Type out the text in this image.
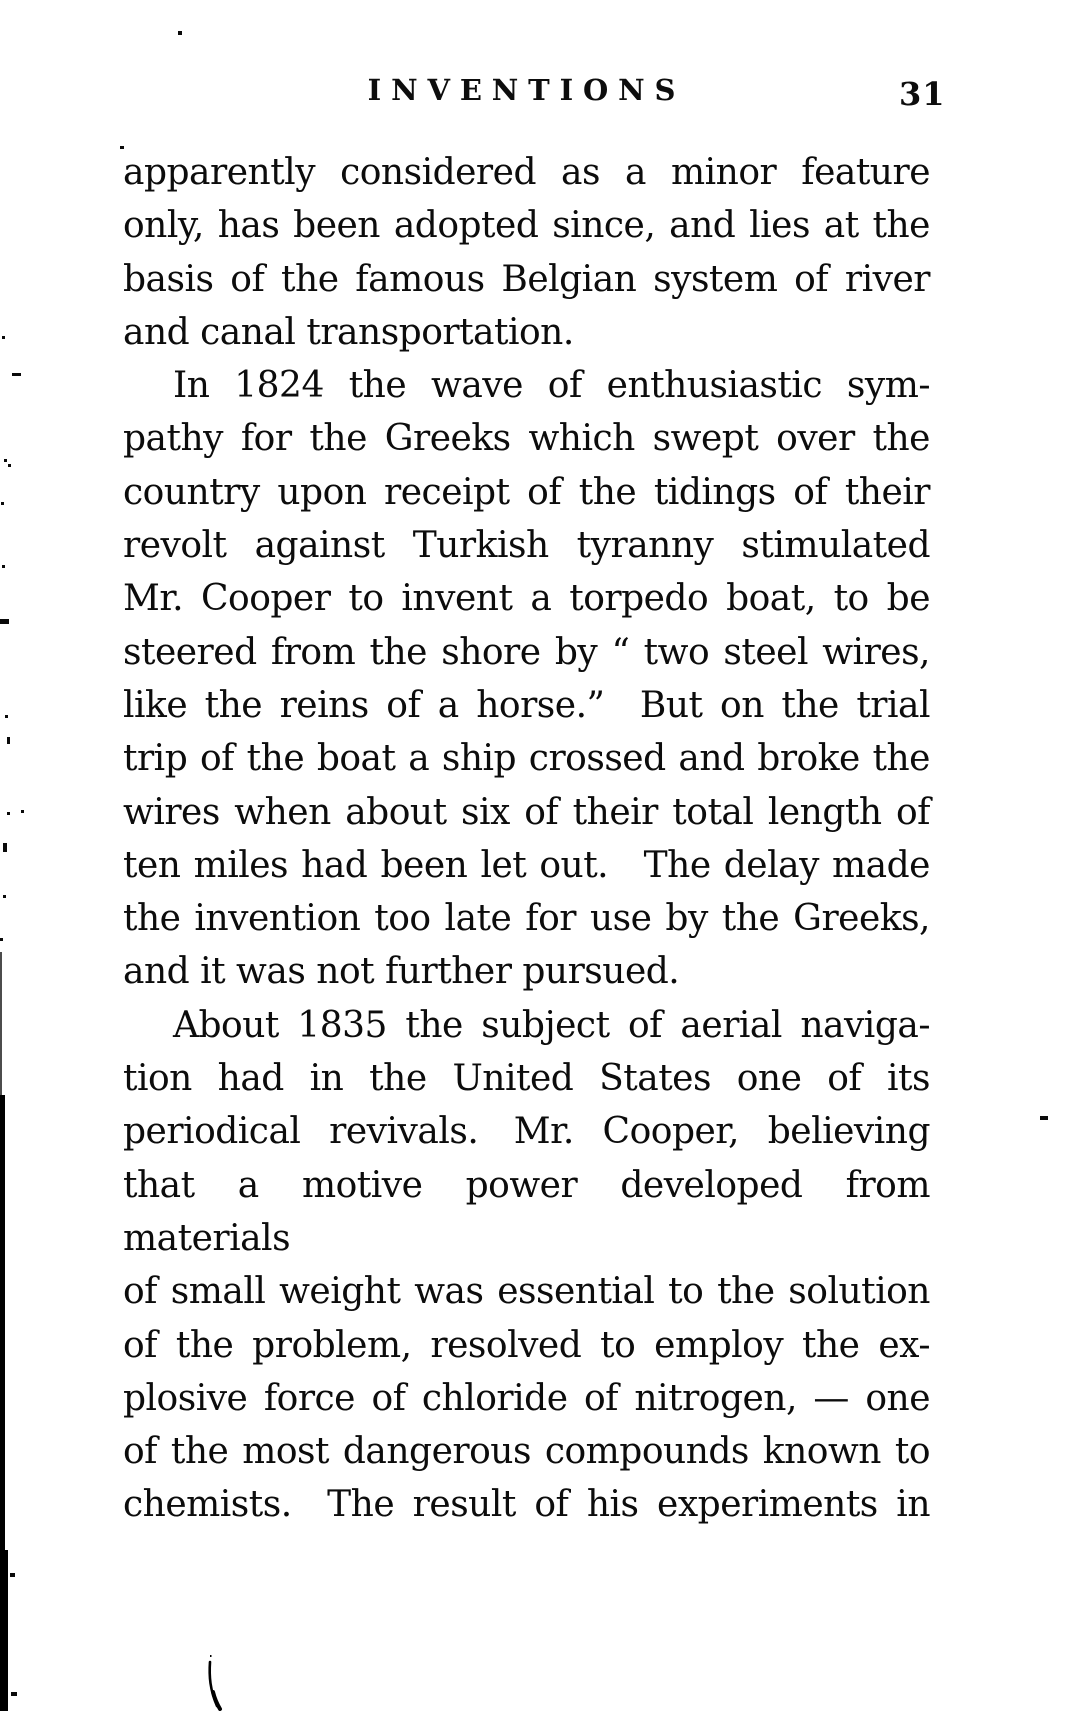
INVENTIONS	31
apparently considered as a minor feature
only, has been adopted since, and lies at the
basis of the famous Belgian system of river
and canal transportation.
In 1824 the wave of enthusiastic sym-
pathy for the Greeks which swept over the
country upon receipt of the tidings of their
revolt against Turkish tyranny stimulated
Mr. Cooper to invent a torpedo boat, to be
steered from the shore by “ two steel wires,
like the reins of a horse.” But on the trial
trip of the boat a ship crossed and broke the
wires when about six of their total length of
ten miles had been let out. The delay made
the invention too late for use by the Greeks,
and it was not further pursued.
About 1835 the subject of aerial naviga-
tion had in the United States one of its
periodical revivals. Mr. Cooper, believing
that a motive power developed from materials
of small weight was essential to the solution
of the problem, resolved to employ the ex-
plosive force of chloride of nitrogen, — one
of the most dangerous compounds known to
chemists. The result of his experiments in
